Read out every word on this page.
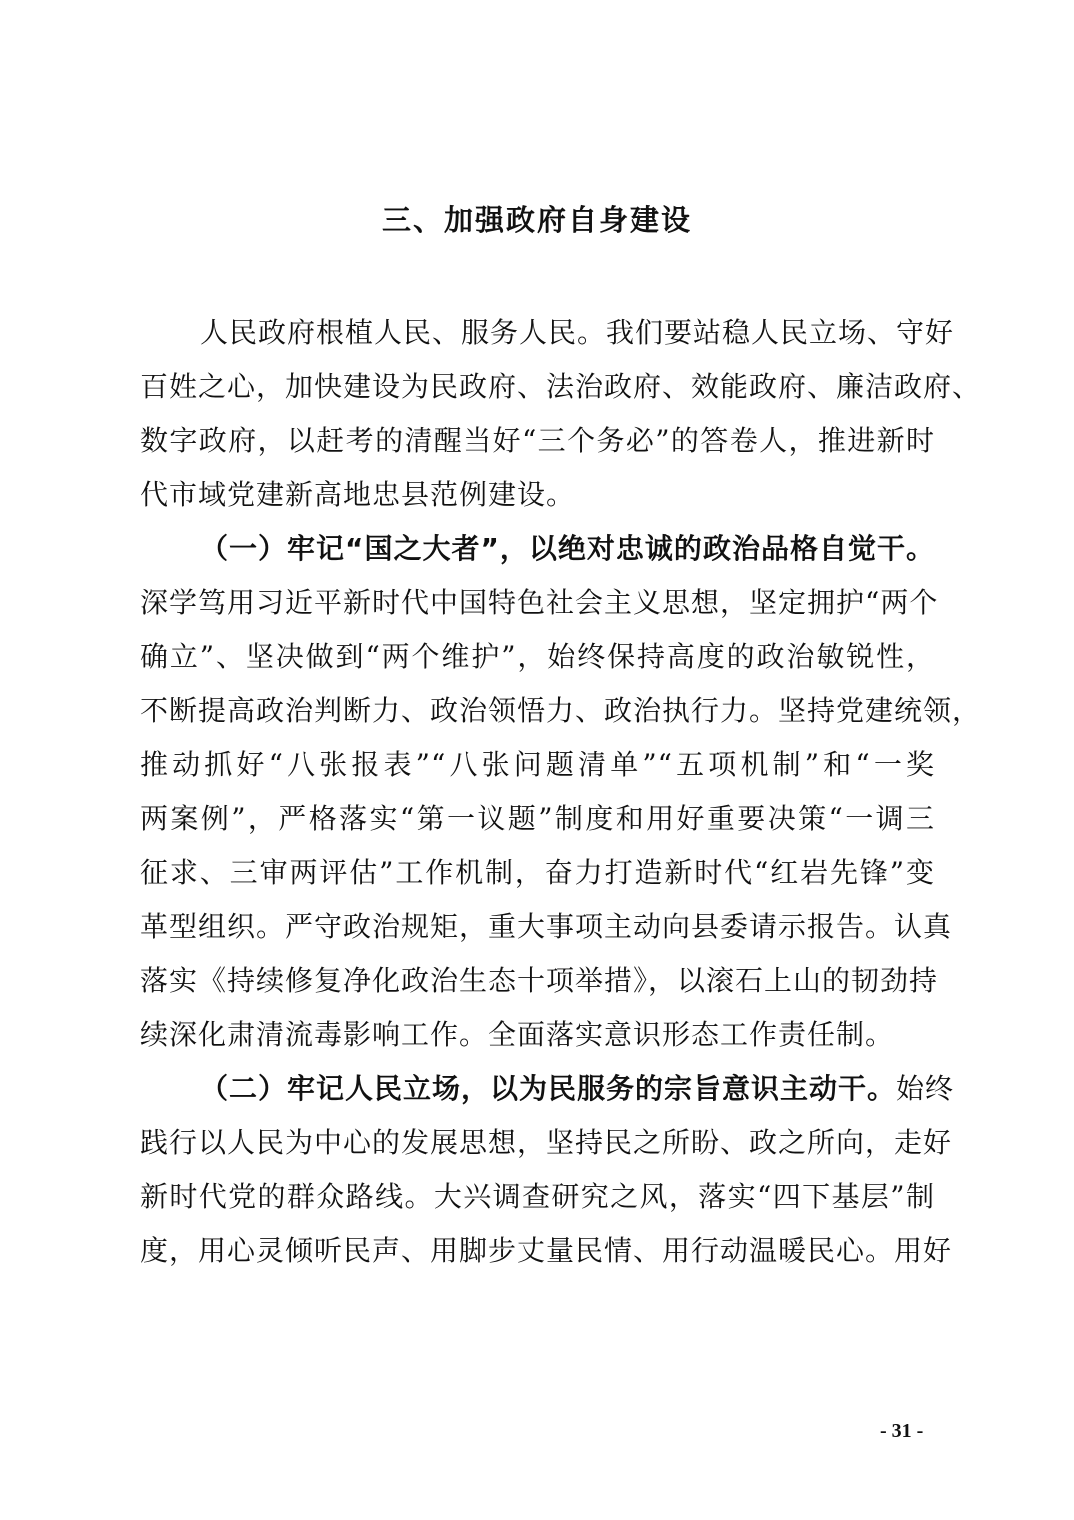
三、加强政府自身建设
人民政府根植人民、服务人民。我们要站稳人民立场、守好
百姓之心，加快建设为民政府、法治政府、效能政府、廉洁政府、
数字政府，以赶考的清醒当好“三个务必”的答卷人，推进新时
代市域党建新高地忠县范例建设。
（一）牢记“国之大者”，以绝对忠诚的政治品格自觉干。
深学笃用习近平新时代中国特色社会主义思想，坚定拥护“两个
确立”、坚决做到“两个维护”，始终保持高度的政治敏锐性，
不断提高政治判断力、政治领悟力、政治执行力。坚持党建统领，
推动抓好“八张报表”“八张问题清单”“五项机制”和“一奖
两案例”，严格落实“第一议题”制度和用好重要决策“一调三
征求、三审两评估”工作机制，奋力打造新时代“红岩先锋”变
革型组织。严守政治规矩，重大事项主动向县委请示报告。认真
落实《持续修复净化政治生态十项举措》，以滚石上山的韧劲持
续深化肃清流毒影响工作。全面落实意识形态工作责任制。
（二）牢记人民立场，以为民服务的宗旨意识主动干。始终
践行以人民为中心的发展思想，坚持民之所盼、政之所向，走好
新时代党的群众路线。大兴调查研究之风，落实“四下基层”制
度，用心灵倾听民声、用脚步丈量民情、用行动温暖民心。用好
- 31 -
